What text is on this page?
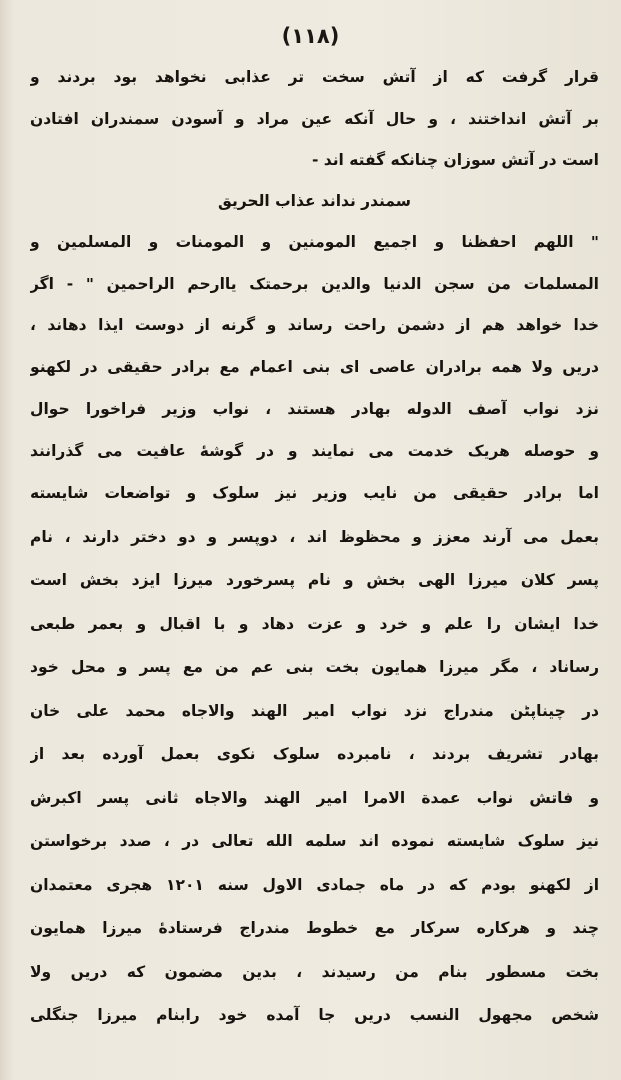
(۱۱۸)
قرار گرفت که از آتش سخت تر عذابی نخواهد بود بردند و
بر آتش انداختند ، و حال آنکه عین مراد و آسودن سمندران افتادن
است در آتش سوزان چنانکه گفته اند -
سمندر نداند عذاب الحریق
" اللهم احفظنا و اجمیع المومنین و المومنات و المسلمین و
المسلمات من سجن الدنیا والدین برحمتک یاارحم الراحمین " - اگر
خدا خواهد هم از دشمن راحت رساند و گرنه از دوست ایذا دهاند ،
دریں ولا همه برادران عاصی ای بنی اعمام مع برادر حقیقی در لکهنو
نزد نواب آصف الدوله بهادر هستند ، نواب وزیر فراخورا حوال
و حوصله هریک خدمت می نمایند و در گوشهٔ عافیت می گذرانند
اما برادر حقیقی من نایب وزیر نیز سلوک و تواضعات شایسته
بعمل می آرند معزز و محظوظ اند ، دوپسر و دو دختر دارند ، نام
پسر کلان میرزا الهی بخش و نام پسرخورد میرزا ایزد بخش است
خدا ایشان را علم و خرد و عزت دهاد و با اقبال و بعمر طبعی
رساناد ، مگر میرزا همایون بخت بنی عم من مع پسر و محل خود
در چیناپٹن مندراج نزد نواب امیر الهند والاجاه محمد علی خان
بهادر تشریف بردند ، نامبرده سلوک نکوی بعمل آورده بعد از
و فاتش نواب عمدة الامرا امیر الهند والاجاه ثانی پسر اکبرش
نیز سلوک شایسته نموده اند سلمه الله تعالی در ، صدد برخواستن
از لکهنو بودم که در ماه جمادی الاول سنه ۱۲۰۱ هجری معتمدان
چند و هرکاره سرکار مع خطوط مندراج فرستادهٔ میرزا همایون
بخت مسطور بنام من رسیدند ، بدین مضمون که دریں ولا
شخص مجهول النسب دریں جا آمده خود رابنام میرزا جنگلی
